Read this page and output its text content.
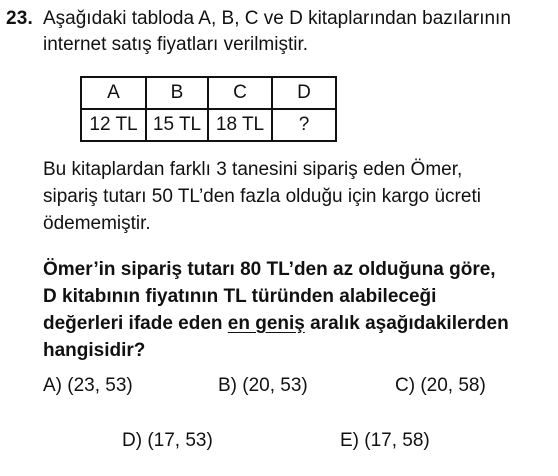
23. Aşağıdaki tabloda A, B, C ve D kitaplarından bazılarının
internet satış fiyatları verilmiştir.
A	B	C	D
12 TL	15 TL	18 TL	?
Bu kitaplardan farklı 3 tanesini sipariş eden Ömer,
sipariş tutarı 50 TL’den fazla olduğu için kargo ücreti
ödememiştir.
Ömer’in sipariş tutarı 80 TL’den az olduğuna göre,
D kitabının fiyatının TL türünden alabileceği
değerleri ifade eden en geniş aralık aşağıdakilerden
hangisidir?
A) (23, 53)	B) (20, 53)	C) (20, 58)
D) (17, 53)	E) (17, 58)
